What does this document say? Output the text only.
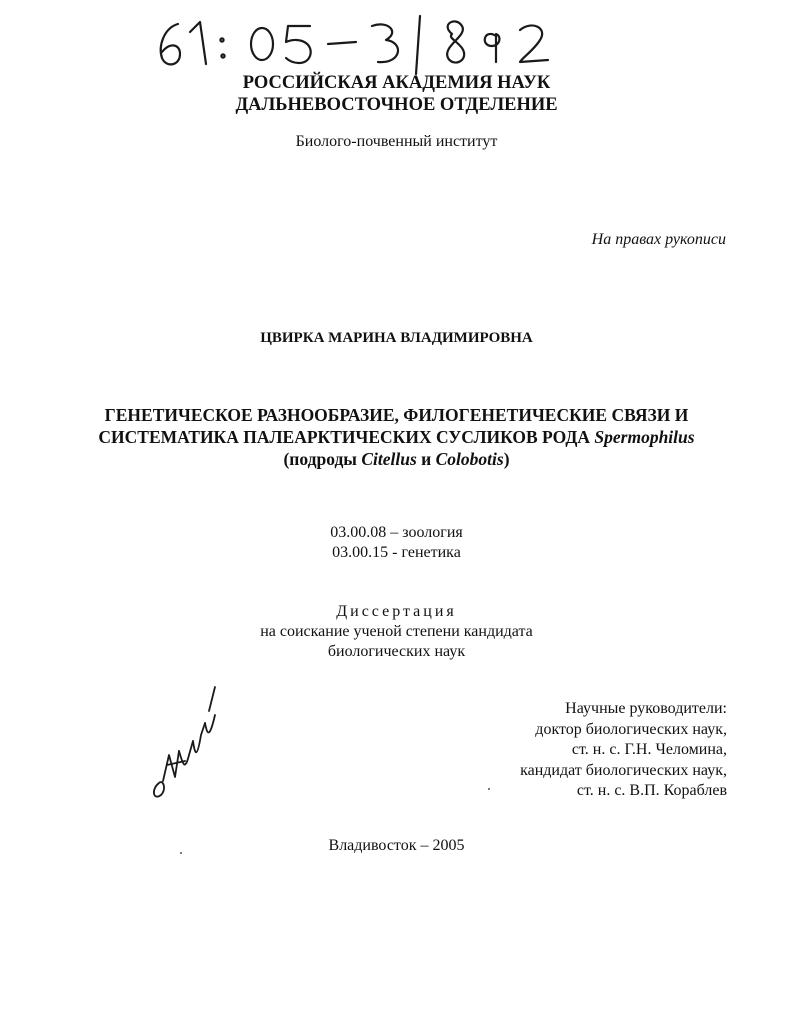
РОССИЙСКАЯ АКАДЕМИЯ НАУК
ДАЛЬНЕВОСТОЧНОЕ ОТДЕЛЕНИЕ
Биолого-почвенный институт
На правах рукописи
ЦВИРКА МАРИНА ВЛАДИМИРОВНА
ГЕНЕТИЧЕСКОЕ РАЗНООБРАЗИЕ, ФИЛОГЕНЕТИЧЕСКИЕ СВЯЗИ И
СИСТЕМАТИКА ПАЛЕАРКТИЧЕСКИХ СУСЛИКОВ РОДА Spermophilus
(подроды Citellus и Colobotis)
03.00.08 – зоология
03.00.15 - генетика
Диссертация
на соискание ученой степени кандидата
биологических наук
Научные руководители:
доктор биологических наук,
ст. н. с. Г.Н. Челомина,
кандидат биологических наук,
ст. н. с. В.П. Кораблев
Владивосток – 2005
